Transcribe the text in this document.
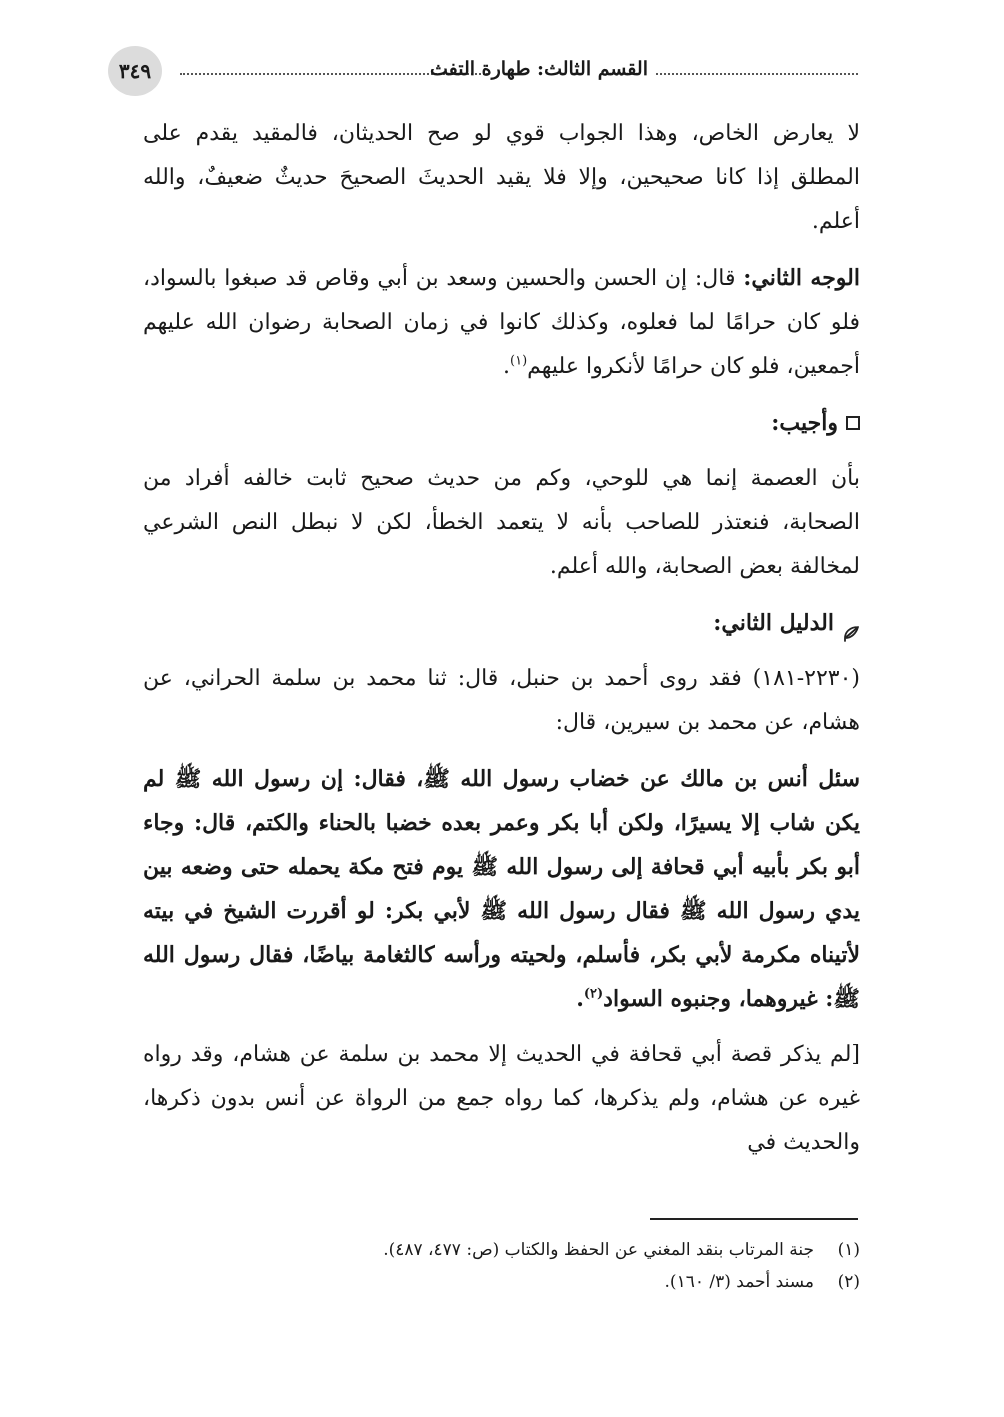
٣٤٩	القسم الثالث: طهارة التفث

لا يعارض الخاص، وهذا الجواب قوي لو صح الحديثان، فالمقيد يقدم على المطلق إذا كانا صحيحين، وإلا فلا يقيد الحديثَ الصحيحَ حديثٌ ضعيفٌ، والله أعلم.

الوجه الثاني: قال: إن الحسن والحسين وسعد بن أبي وقاص قد صبغوا بالسواد، فلو كان حرامًا لما فعلوه، وكذلك كانوا في زمان الصحابة رضوان الله عليهم أجمعين، فلو كان حرامًا لأنكروا عليهم$^{(١)}$.

وأجيب:

بأن العصمة إنما هي للوحي، وكم من حديث صحيح ثابت خالفه أفراد من الصحابة، فنعتذر للصاحب بأنه لا يتعمد الخطأ، لكن لا نبطل النص الشرعي لمخالفة بعض الصحابة، والله أعلم.

الدليل الثاني:

(٢٢٣٠-١٨١) فقد روى أحمد بن حنبل، قال: ثنا محمد بن سلمة الحراني، عن هشام، عن محمد بن سيرين، قال:

سئل أنس بن مالك عن خضاب رسول الله ﷺ، فقال: إن رسول الله ﷺ لم يكن شاب إلا يسيرًا، ولكن أبا بكر وعمر بعده خضبا بالحناء والكتم، قال: وجاء أبو بكر بأبيه أبي قحافة إلى رسول الله ﷺ يوم فتح مكة يحمله حتى وضعه بين يدي رسول الله ﷺ فقال رسول الله ﷺ لأبي بكر: لو أقررت الشيخ في بيته لأتيناه مكرمة لأبي بكر، فأسلم، ولحيته ورأسه كالثغامة بياضًا، فقال رسول الله ﷺ: غيروهما، وجنبوه السواد$^{(٢)}$.

[لم يذكر قصة أبي قحافة في الحديث إلا محمد بن سلمة عن هشام، وقد رواه غيره عن هشام، ولم يذكرها، كما رواه جمع من الرواة عن أنس بدون ذكرها، والحديث في

(١)
جنة المرتاب بنقد المغني عن الحفظ والكتاب (ص: ٤٧٧، ٤٨٧).
(٢)
مسند أحمد (٣/ ١٦٠).
